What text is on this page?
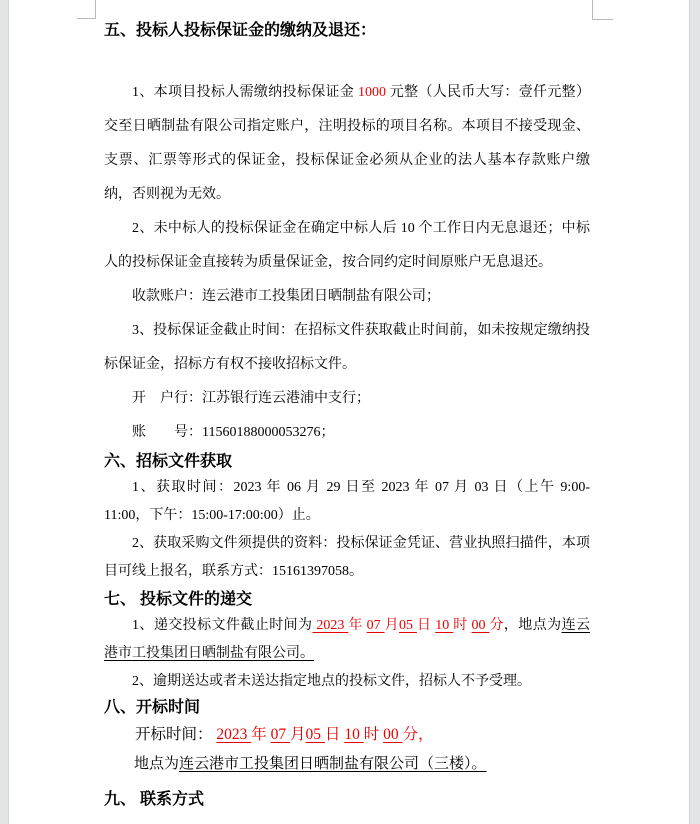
五、投标人投标保证金的缴纳及退还：

1、本项目投标人需缴纳投标保证金 1000 元整（人民币大写：壹仟元整）交至日晒制盐有限公司指定账户，注明投标的项目名称。本项目不接受现金、支票、汇票等形式的保证金，投标保证金必须从企业的法人基本存款账户缴纳，否则视为无效。

2、未中标人的投标保证金在确定中标人后 10 个工作日内无息退还；中标人的投标保证金直接转为质量保证金，按合同约定时间原账户无息退还。

收款账户：连云港市工投集团日晒制盐有限公司；

3、投标保证金截止时间：在招标文件获取截止时间前，如未按规定缴纳投标保证金，招标方有权不接收招标文件。

开　户行：江苏银行连云港浦中支行；

账　　号：11560188000053276；

六、招标文件获取

1、获取时间：2023 年 06 月 29 日至 2023 年 07 月 03 日（上午 9:00-11:00，下午：15:00-17:00:00）止。

2、获取采购文件须提供的资料：投标保证金凭证、营业执照扫描件，本项目可线上报名，联系方式：15161397058。

七、 投标文件的递交

1、递交投标文件截止时间为 2023 年 07 月05 日 10 时 00 分，地点为连云港市工投集团日晒制盐有限公司。

2、逾期送达或者未送达指定地点的投标文件，招标人不予受理。

八、开标时间

开标时间： 2023 年 07 月05 日 10 时 00 分，

地点为连云港市工投集团日晒制盐有限公司（三楼）。

九、 联系方式
